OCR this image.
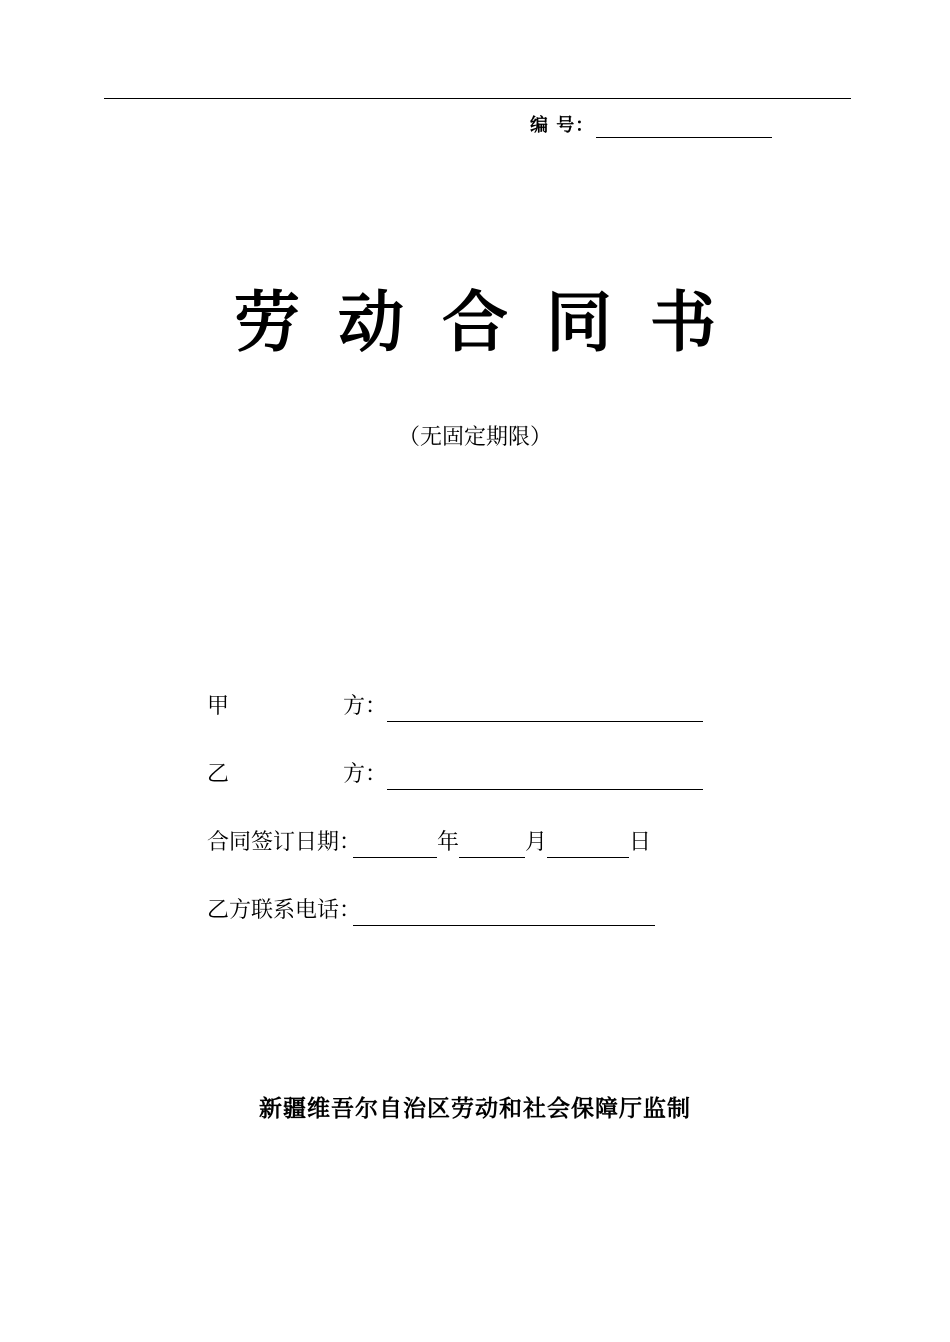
编 号：
劳动合同书
（无固定期限）
甲	方：
乙	方：
合同签订日期：	年	月	日
乙方联系电话：
新疆维吾尔自治区劳动和社会保障厅监制
